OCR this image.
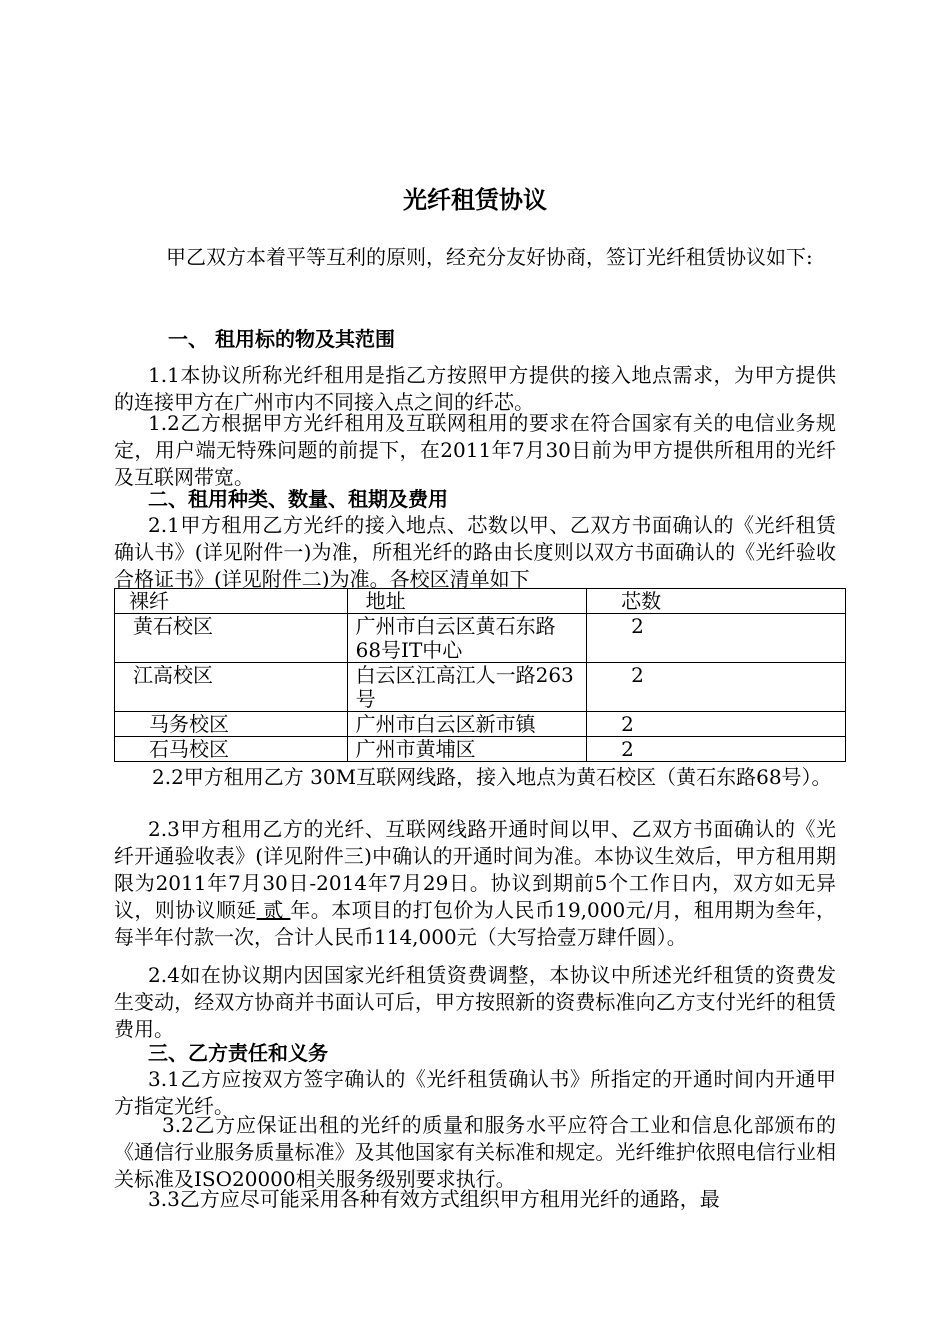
光纤租赁协议

甲乙双方本着平等互利的原则，经充分友好协商，签订光纤租赁协议如下:

一、 租用标的物及其范围

1.1本协议所称光纤租用是指乙方按照甲方提供的接入地点需求，为甲方提供的连接甲方在广州市内不同接入点之间的纤芯。

1.2乙方根据甲方光纤租用及互联网租用的要求在符合国家有关的电信业务规定，用户端无特殊问题的前提下，在2011年7月30日前为甲方提供所租用的光纤及互联网带宽。

二、租用种类、数量、租期及费用

2.1甲方租用乙方光纤的接入地点、芯数以甲、乙双方书面确认的《光纤租赁确认书》(详见附件一)为准，所租光纤的路由长度则以双方书面确认的《光纤验收合格证书》(详见附件二)为准。各校区清单如下

裸纤	地址	芯数
黄石校区	广州市白云区黄石东路68号IT中心	2
江高校区	白云区江高江人一路263号	2
马务校区	广州市白云区新市镇	2
石马校区	广州市黄埔区	2

2.2甲方租用乙方 30M互联网线路，接入地点为黄石校区（黄石东路68号）。

2.3甲方租用乙方的光纤、互联网线路开通时间以甲、乙双方书面确认的《光纤开通验收表》(详见附件三)中确认的开通时间为准。本协议生效后，甲方租用期限为2011年7月30日-2014年7月29日。协议到期前5个工作日内，双方如无异议，则协议顺延 贰 年。本项目的打包价为人民币19,000元/月，租用期为叁年，每半年付款一次，合计人民币114,000元（大写拾壹万肆仟圆）。

2.4如在协议期内因国家光纤租赁资费调整，本协议中所述光纤租赁的资费发生变动，经双方协商并书面认可后，甲方按照新的资费标准向乙方支付光纤的租赁费用。

三、乙方责任和义务

3.1乙方应按双方签字确认的《光纤租赁确认书》所指定的开通时间内开通甲方指定光纤。

3.2乙方应保证出租的光纤的质量和服务水平应符合工业和信息化部颁布的《通信行业服务质量标准》及其他国家有关标准和规定。光纤维护依照电信行业相关标准及ISO20000相关服务级别要求执行。

3.3乙方应尽可能采用各种有效方式组织甲方租用光纤的通路，最
